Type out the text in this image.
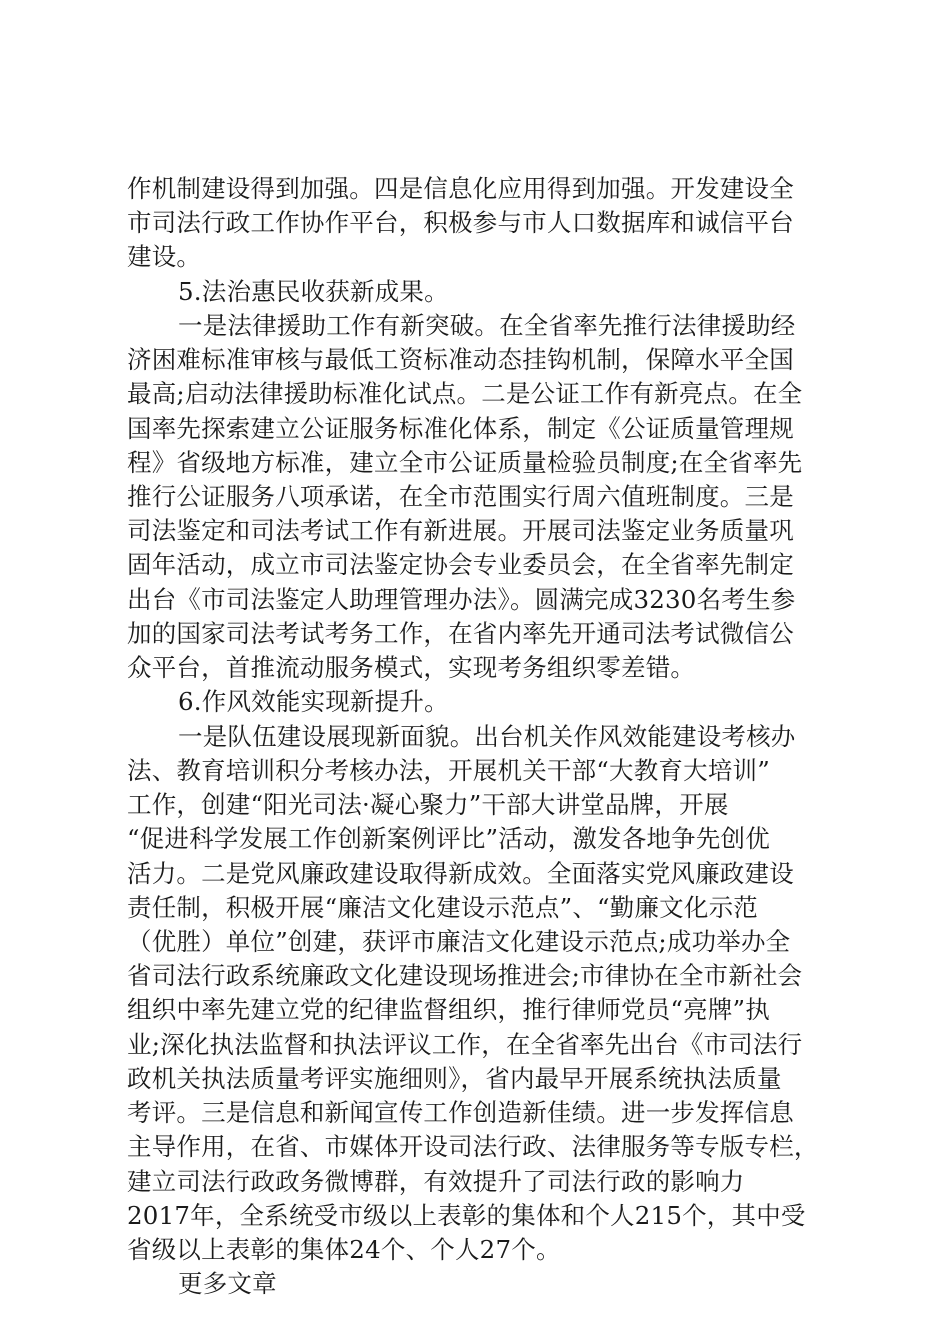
作机制建设得到加强。四是信息化应用得到加强。开发建设全
市司法行政工作协作平台，积极参与市人口数据库和诚信平台
建设。
5.法治惠民收获新成果。
一是法律援助工作有新突破。在全省率先推行法律援助经
济困难标准审核与最低工资标准动态挂钩机制，保障水平全国
最高;启动法律援助标准化试点。二是公证工作有新亮点。在全
国率先探索建立公证服务标准化体系，制定《公证质量管理规
程》省级地方标准，建立全市公证质量检验员制度;在全省率先
推行公证服务八项承诺，在全市范围实行周六值班制度。三是
司法鉴定和司法考试工作有新进展。开展司法鉴定业务质量巩
固年活动，成立市司法鉴定协会专业委员会，在全省率先制定
出台《市司法鉴定人助理管理办法》。圆满完成3230名考生参
加的国家司法考试考务工作，在省内率先开通司法考试微信公
众平台，首推流动服务模式，实现考务组织零差错。
6.作风效能实现新提升。
一是队伍建设展现新面貌。出台机关作风效能建设考核办
法、教育培训积分考核办法，开展机关干部“大教育大培训”
工作，创建“阳光司法·凝心聚力”干部大讲堂品牌，开展
“促进科学发展工作创新案例评比”活动，激发各地争先创优
活力。二是党风廉政建设取得新成效。全面落实党风廉政建设
责任制，积极开展“廉洁文化建设示范点”、“勤廉文化示范
（优胜）单位”创建，获评市廉洁文化建设示范点;成功举办全
省司法行政系统廉政文化建设现场推进会;市律协在全市新社会
组织中率先建立党的纪律监督组织，推行律师党员“亮牌”执
业;深化执法监督和执法评议工作，在全省率先出台《市司法行
政机关执法质量考评实施细则》，省内最早开展系统执法质量
考评。三是信息和新闻宣传工作创造新佳绩。进一步发挥信息
主导作用，在省、市媒体开设司法行政、法律服务等专版专栏，
建立司法行政政务微博群，有效提升了司法行政的影响力
2017年，全系统受市级以上表彰的集体和个人215个，其中受
省级以上表彰的集体24个、个人27个。
更多文章
